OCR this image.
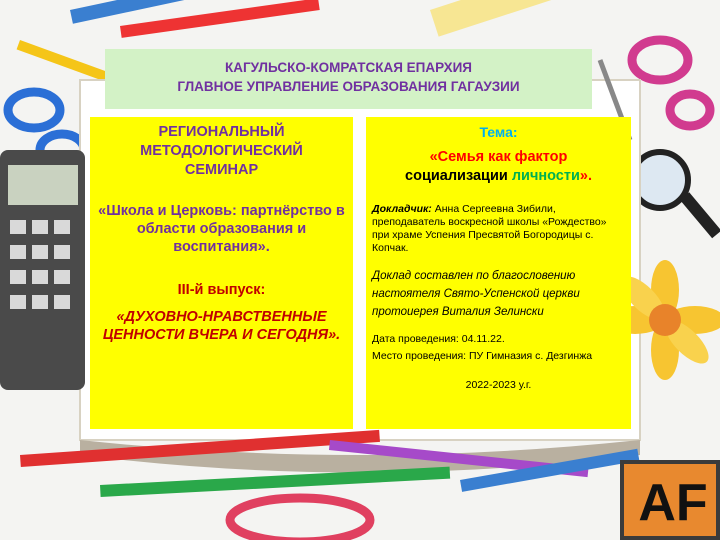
КАГУЛЬСКО-КОМРАТСКАЯ ЕПАРХИЯ
ГЛАВНОЕ УПРАВЛЕНИЕ ОБРАЗОВАНИЯ ГАГАУЗИИ
РЕГИОНАЛЬНЫЙ
МЕТОДОЛОГИЧЕСКИЙ
СЕМИНАР
«Школа и Церковь: партнёрство в области образования и воспитания».
III-й выпуск:
«ДУХОВНО-НРАВСТВЕННЫЕ ЦЕННОСТИ ВЧЕРА И СЕГОДНЯ».
Тема:
«Семья как фактор
социализации личности».
Докладчик: Анна Сергеевна Зибили, преподаватель воскресной школы «Рождество» при храме Успения Пресвятой Богородицы с. Копчак.
Доклад составлен по благословению настоятеля Свято-Успенской церкви протоиерея Виталия Зелински
Дата проведения: 04.11.22.
Место проведения: ПУ Гимназия с. Дезгинжа
2022-2023 у.г.
AF
